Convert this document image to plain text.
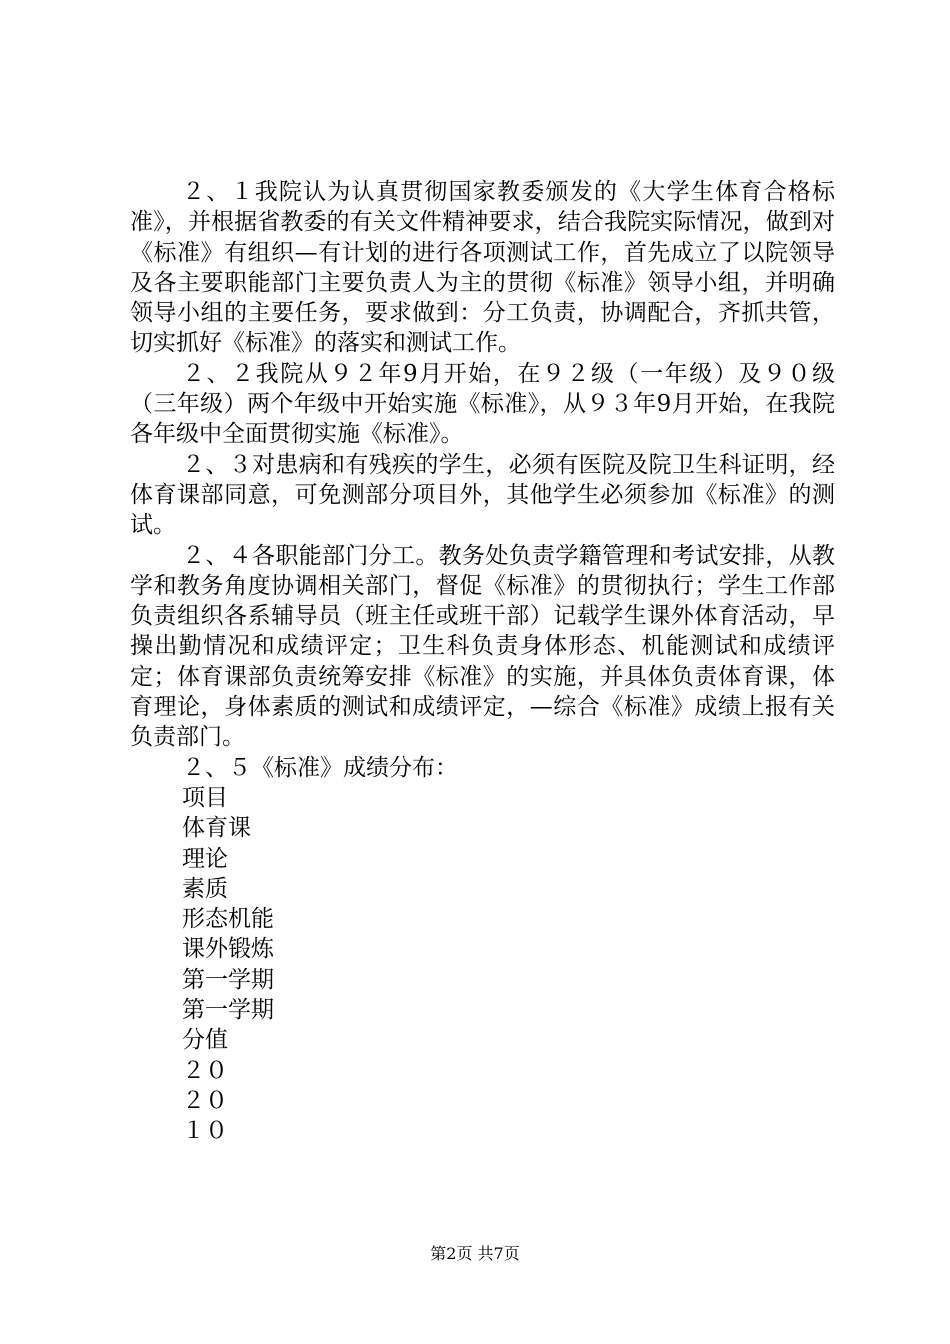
２、１我院认为认真贯彻国家教委颁发的《大学生体育合格标准》，并根据省教委的有关文件精神要求，结合我院实际情况，做到对《标准》有组织—有计划的进行各项测试工作，首先成立了以院领导及各主要职能部门主要负责人为主的贯彻《标准》领导小组，并明确领导小组的主要任务，要求做到：分工负责，协调配合，齐抓共管，切实抓好《标准》的落实和测试工作。

２、２我院从９２年9月开始，在９２级（一年级）及９０级（三年级）两个年级中开始实施《标准》，从９３年9月开始，在我院各年级中全面贯彻实施《标准》。

２、３对患病和有残疾的学生，必须有医院及院卫生科证明，经体育课部同意，可免测部分项目外，其他学生必须参加《标准》的测试。

２、４各职能部门分工。教务处负责学籍管理和考试安排，从教学和教务角度协调相关部门，督促《标准》的贯彻执行；学生工作部负责组织各系辅导员（班主任或班干部）记载学生课外体育活动，早操出勤情况和成绩评定；卫生科负责身体形态、机能测试和成绩评定；体育课部负责统筹安排《标准》的实施，并具体负责体育课，体育理论，身体素质的测试和成绩评定，—综合《标准》成绩上报有关负责部门。

２、５《标准》成绩分布：

项目
体育课
理论
素质
形态机能
课外锻炼
第一学期
第一学期
分值
２０
２０
１０
第2页 共7页
